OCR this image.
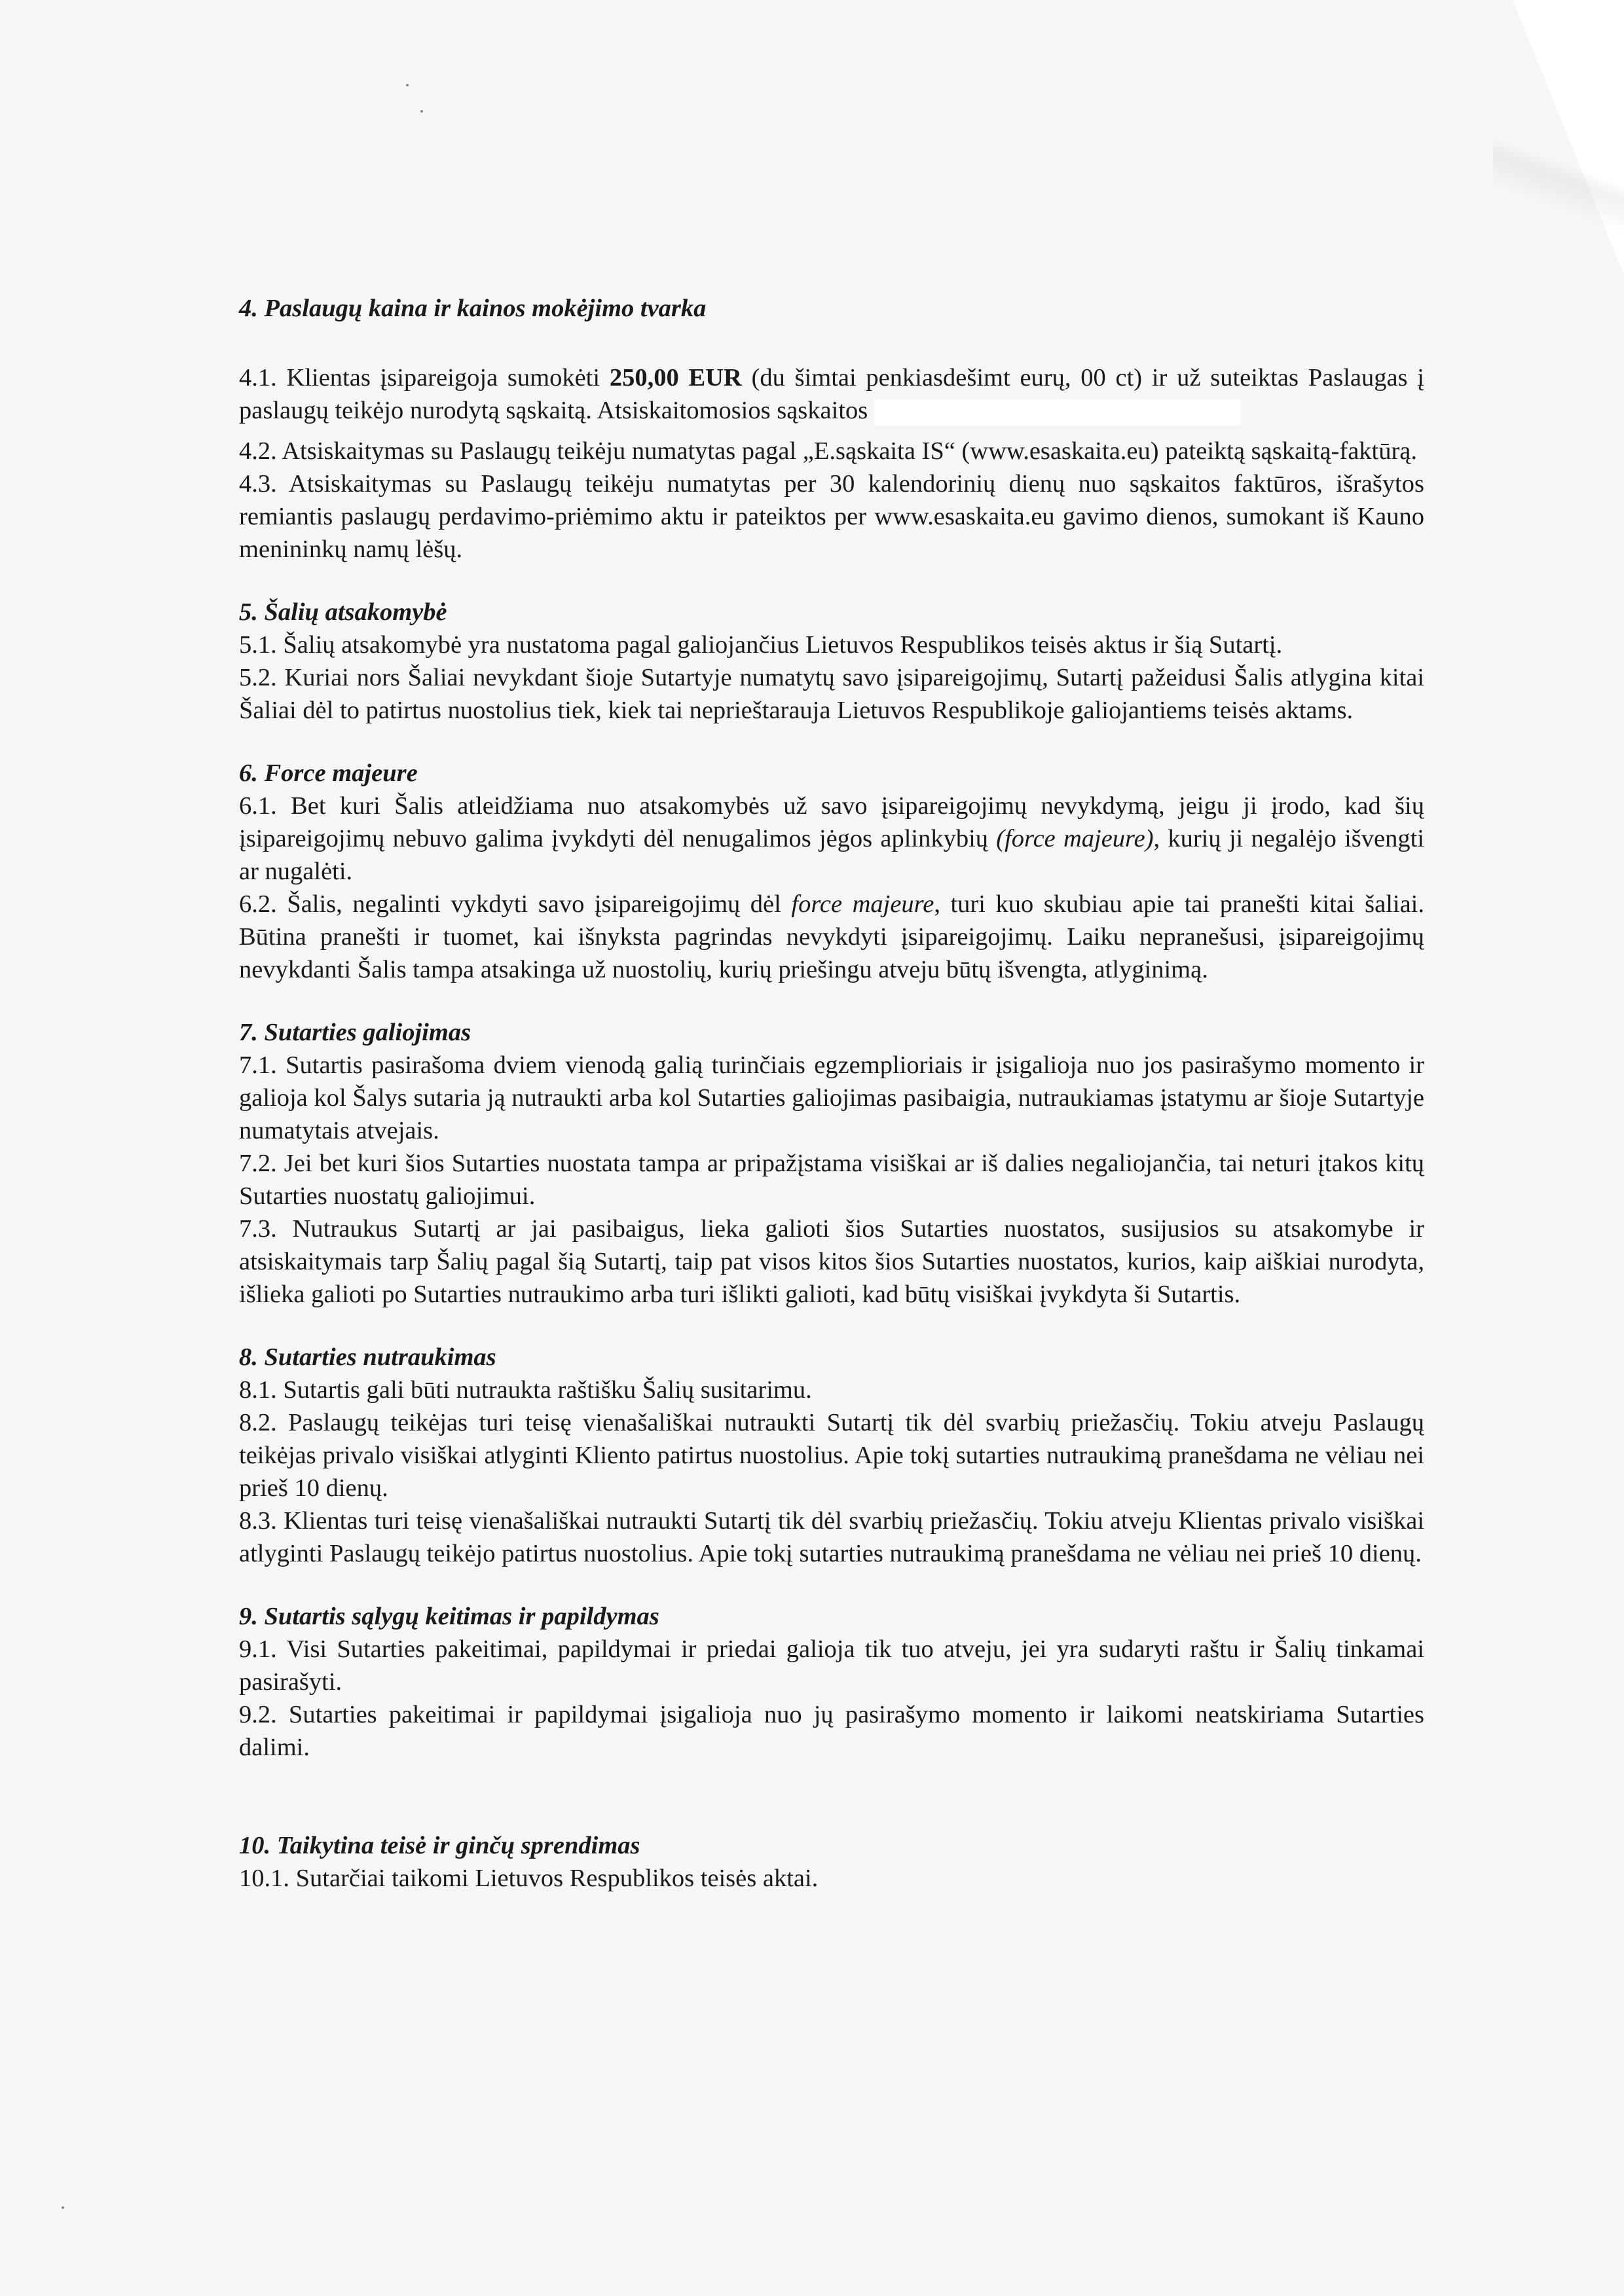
4. Paslaugų kaina ir kainos mokėjimo tvarka

4.1. Klientas įsipareigoja sumokėti 250,00 EUR (du šimtai penkiasdešimt eurų, 00 ct) ir už suteiktas Paslaugas į paslaugų teikėjo nurodytą sąskaitą. Atsiskaitomosios sąskaitos

4.2. Atsiskaitymas su Paslaugų teikėju numatytas pagal „E.sąskaita IS“ (www.esaskaita.eu) pateiktą sąskaitą-faktūrą.

4.3. Atsiskaitymas su Paslaugų teikėju numatytas per 30 kalendorinių dienų nuo sąskaitos faktūros, išrašytos remiantis paslaugų perdavimo-priėmimo aktu ir pateiktos per www.esaskaita.eu gavimo dienos, sumokant iš Kauno menininkų namų lėšų.

5. Šalių atsakomybė

5.1. Šalių atsakomybė yra nustatoma pagal galiojančius Lietuvos Respublikos teisės aktus ir šią Sutartį.

5.2. Kuriai nors Šaliai nevykdant šioje Sutartyje numatytų savo įsipareigojimų, Sutartį pažeidusi Šalis atlygina kitai Šaliai dėl to patirtus nuostolius tiek, kiek tai neprieštarauja Lietuvos Respublikoje galiojantiems teisės aktams.

6. Force majeure

6.1. Bet kuri Šalis atleidžiama nuo atsakomybės už savo įsipareigojimų nevykdymą, jeigu ji įrodo, kad šių įsipareigojimų nebuvo galima įvykdyti dėl nenugalimos jėgos aplinkybių (force majeure), kurių ji negalėjo išvengti ar nugalėti.

6.2. Šalis, negalinti vykdyti savo įsipareigojimų dėl force majeure, turi kuo skubiau apie tai pranešti kitai šaliai. Būtina pranešti ir tuomet, kai išnyksta pagrindas nevykdyti įsipareigojimų. Laiku nepranešusi, įsipareigojimų nevykdanti Šalis tampa atsakinga už nuostolių, kurių priešingu atveju būtų išvengta, atlyginimą.

7. Sutarties galiojimas

7.1. Sutartis pasirašoma dviem vienodą galią turinčiais egzemplioriais ir įsigalioja nuo jos pasirašymo momento ir galioja kol Šalys sutaria ją nutraukti arba kol Sutarties galiojimas pasibaigia, nutraukiamas įstatymu ar šioje Sutartyje numatytais atvejais.

7.2. Jei bet kuri šios Sutarties nuostata tampa ar pripažįstama visiškai ar iš dalies negaliojančia, tai neturi įtakos kitų Sutarties nuostatų galiojimui.

7.3. Nutraukus Sutartį ar jai pasibaigus, lieka galioti šios Sutarties nuostatos, susijusios su atsakomybe ir atsiskaitymais tarp Šalių pagal šią Sutartį, taip pat visos kitos šios Sutarties nuostatos, kurios, kaip aiškiai nurodyta, išlieka galioti po Sutarties nutraukimo arba turi išlikti galioti, kad būtų visiškai įvykdyta ši Sutartis.

8. Sutarties nutraukimas

8.1. Sutartis gali būti nutraukta raštišku Šalių susitarimu.

8.2. Paslaugų teikėjas turi teisę vienašališkai nutraukti Sutartį tik dėl svarbių priežasčių. Tokiu atveju Paslaugų teikėjas privalo visiškai atlyginti Kliento patirtus nuostolius. Apie tokį sutarties nutraukimą pranešdama ne vėliau nei prieš 10 dienų.

8.3. Klientas turi teisę vienašališkai nutraukti Sutartį tik dėl svarbių priežasčių. Tokiu atveju Klientas privalo visiškai atlyginti Paslaugų teikėjo patirtus nuostolius. Apie tokį sutarties nutraukimą pranešdama ne vėliau nei prieš 10 dienų.

9. Sutartis sąlygų keitimas ir papildymas

9.1. Visi Sutarties pakeitimai, papildymai ir priedai galioja tik tuo atveju, jei yra sudaryti raštu ir Šalių tinkamai pasirašyti.

9.2. Sutarties pakeitimai ir papildymai įsigalioja nuo jų pasirašymo momento ir laikomi neatskiriama Sutarties dalimi.

10. Taikytina teisė ir ginčų sprendimas

10.1. Sutarčiai taikomi Lietuvos Respublikos teisės aktai.
